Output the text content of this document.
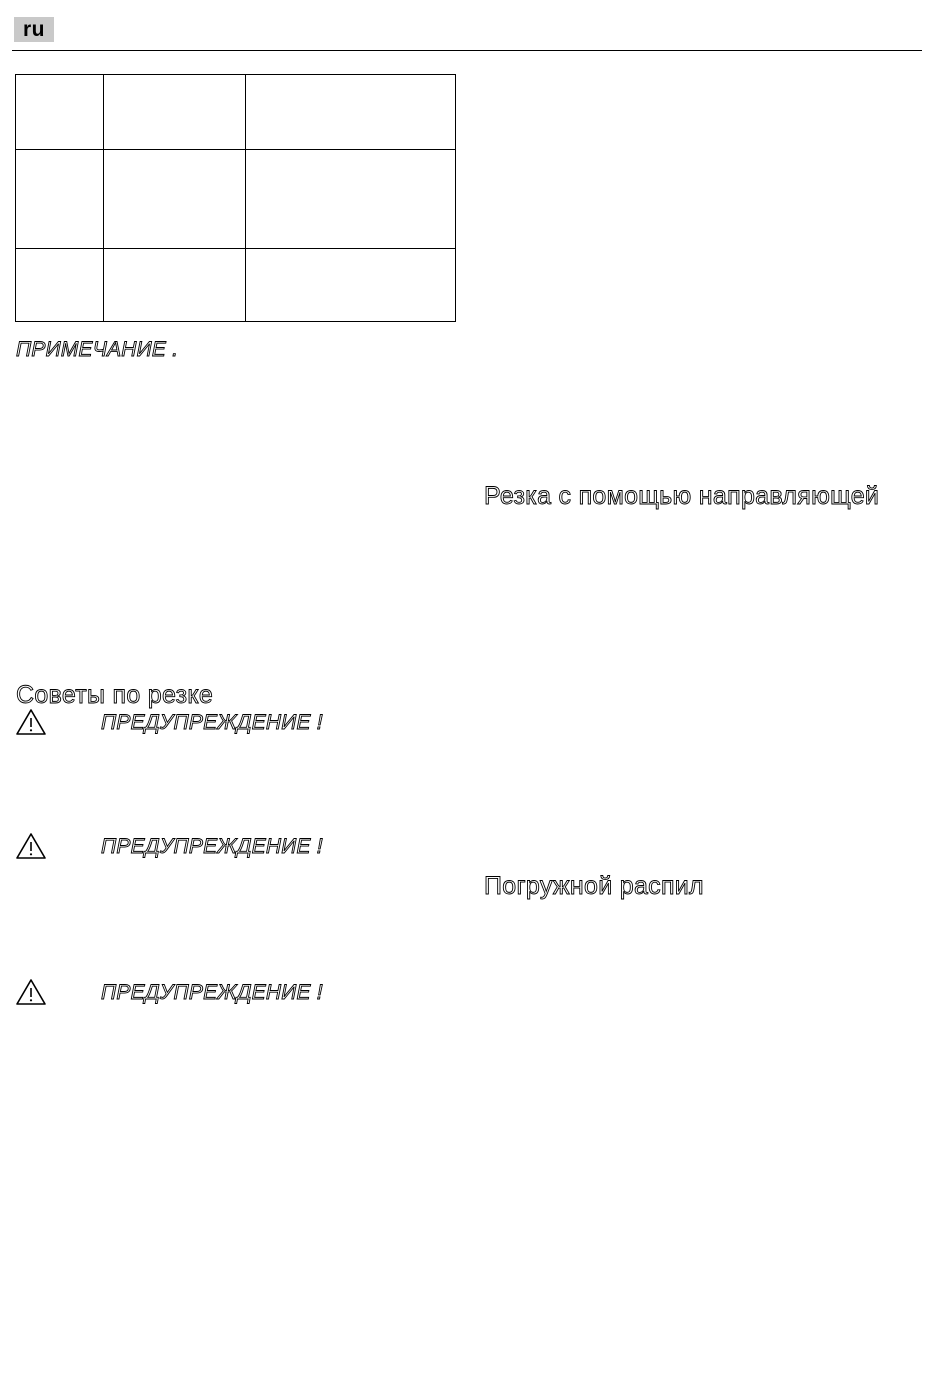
ru

ПРИМЕЧАНИЕ .
Советы по резке
ПРЕДУПРЕЖДЕНИЕ !
ПРЕДУПРЕЖДЕНИЕ !
ПРЕДУПРЕЖДЕНИЕ !
Резка с помощью направляющей
Погружной распил
